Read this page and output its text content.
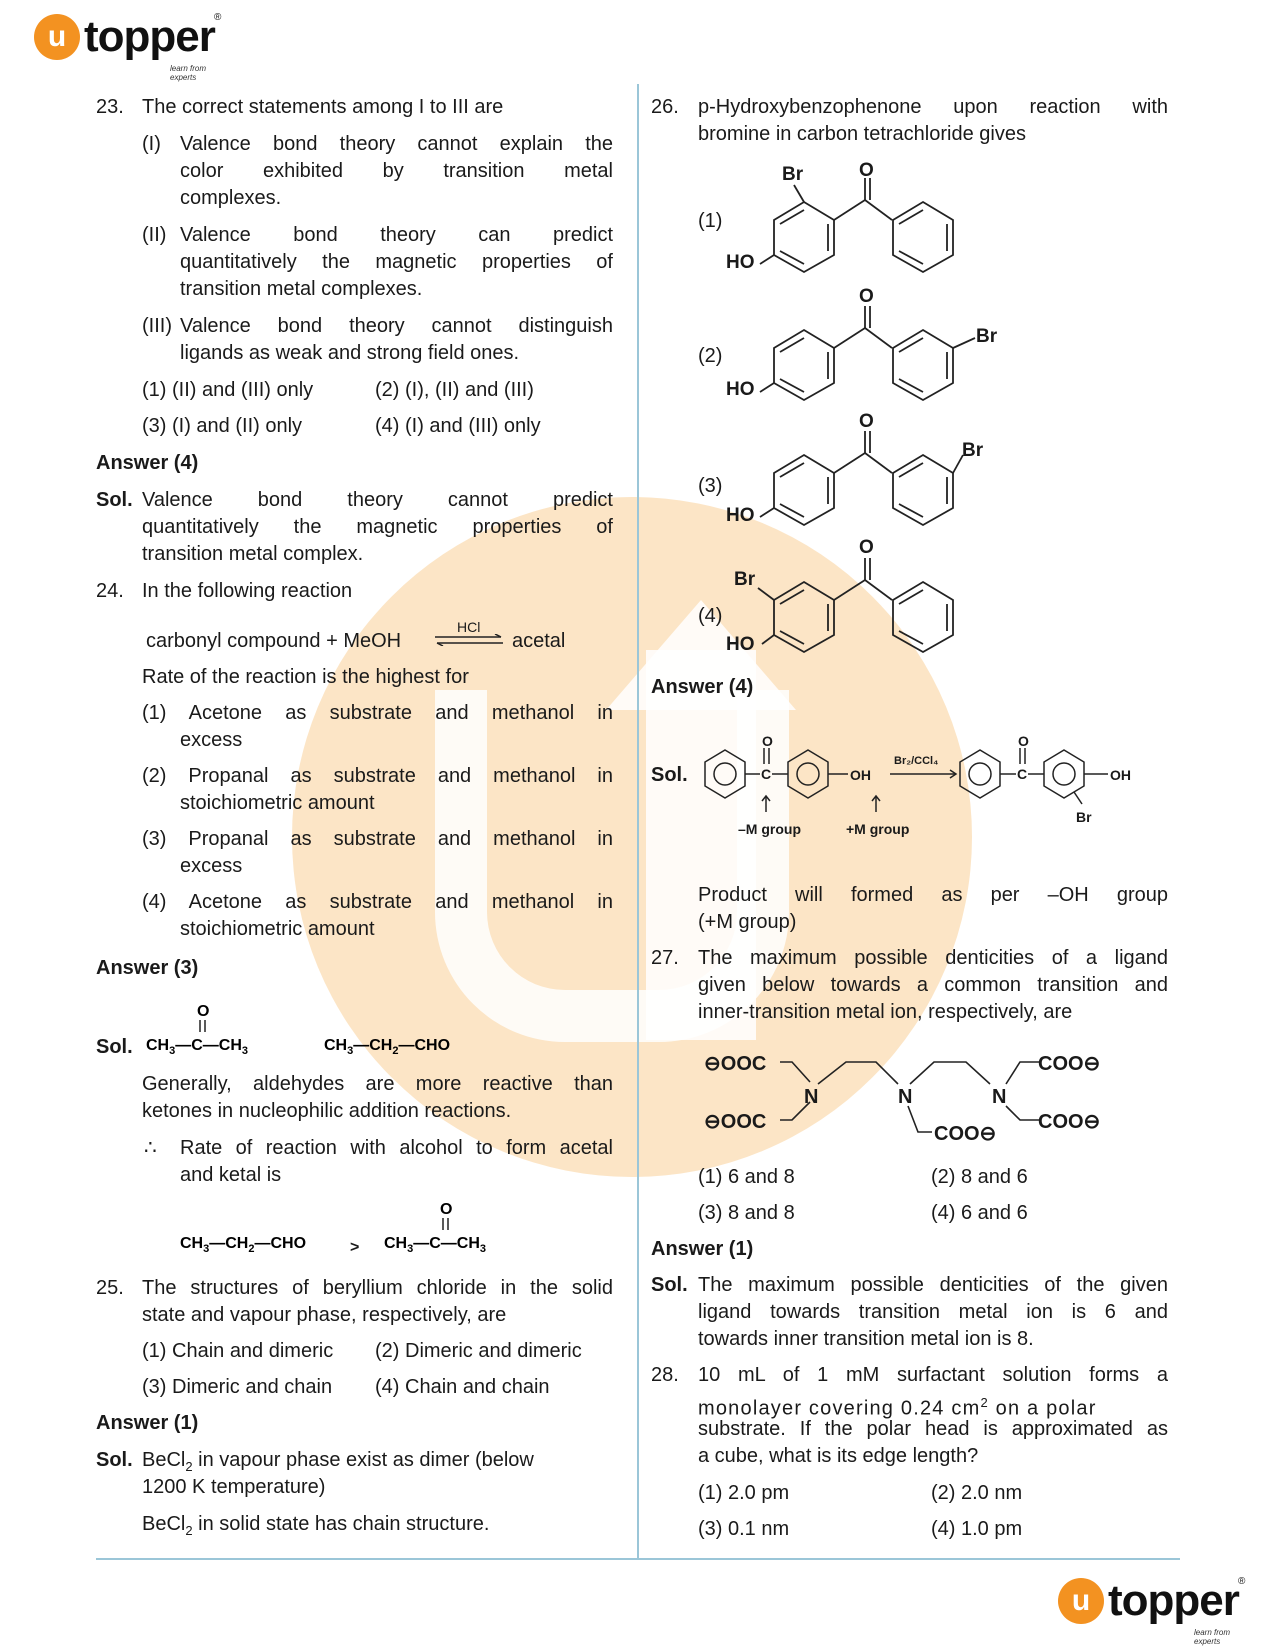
u topper ®
learn from experts
23. The correct statements among I to III are
(I) Valence bond theory cannot explain the
color exhibited by transition metal
complexes.
(II) Valence bond theory can predict
quantitatively the magnetic properties of
transition metal complexes.
(III) Valence bond theory cannot distinguish
ligands as weak and strong field ones.
(1) (II) and (III) only	(2) (I), (II) and (III)
(3) (I) and (II) only	(4) (I) and (III) only
Answer (4)
Sol. Valence bond theory cannot predict
quantitatively the magnetic properties of
transition metal complex.
24. In the following reaction
carbonyl compound + MeOH
HCl
⇌ acetal
Rate of the reaction is the highest for
(1) Acetone as substrate and methanol in
excess
(2) Propanal as substrate and methanol in
stoichiometric amount
(3) Propanal as substrate and methanol in
excess
(4) Acetone as substrate and methanol in
stoichiometric amount
Answer (3)
Sol.
O
$CH_3—C—CH_3$	$CH_3—CH_2—CHO$
Generally, aldehydes are more reactive than
ketones in nucleophilic addition reactions.
∴ Rate of reaction with alcohol to form acetal
and ketal is
$CH_3—CH_2—CHO$
O
$CH_3—C—CH_3$
>
25. The structures of beryllium chloride in the solid
state and vapour phase, respectively, are
(1) Chain and dimeric (2) Dimeric and dimeric
(3) Dimeric and chain (4) Chain and chain
Answer (1)
Sol. BeCl$_2$ in vapour phase exist as dimer (below
1200 K temperature)
BeCl$_2$ in solid state has chain structure.
26. p-Hydroxybenzophenone upon reaction with
bromine in carbon tetrachloride gives
(1)
(2)
(3)
(4)
Br	O
HO
O
Br
HO
O
Br
HO
O
Br
HO
Answer (4)
Sol.
O
C	OH
Br₂/CCl₄
O
C	OH
Br
–M group	+M group
Product will formed as per –OH group
(+M group)
27. The maximum possible denticities of a ligand
given below towards a common transition and
inner-transition metal ion, respectively, are
⊖OOC
⊖OOC
N	N	N
COO⊖
COO⊖
COO⊖
(1) 6 and 8	(2) 8 and 6
(3) 8 and 8	(4) 6 and 6
Answer (1)
Sol. The maximum possible denticities of the given
ligand towards transition metal ion is 6 and
towards inner transition metal ion is 8.
28. 10 mL of 1 mM surfactant solution forms a
monolayer covering 0.24 $cm^2$ on a polar
substrate. If the polar head is approximated as
a cube, what is its edge length?
(1) 2.0 pm	(2) 2.0 nm
(3) 0.1 nm	(4) 1.0 pm
u topper ®
learn from experts
